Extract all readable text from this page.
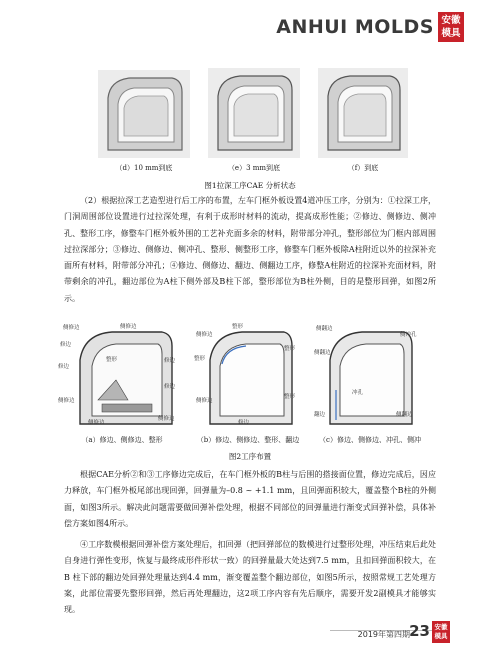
ANHUI MOLDS 安徽
模具
（d）10 mm到底	（e）3 mm到底	（f）到底
图1拉深工序CAE 分析状态

（2）根据拉深工艺造型进行后工序的布置，左车门框外板设置4道冲压工序，分别为：①拉深工序，门洞周围部位设置进行过拉深处理，有利于成形时材料的流动，提高成形性能；②修边、侧修边、侧冲孔、整形工序，修整车门框外板外围的工艺补充面多余的材料，附带部分冲孔，整形部位为门框内部周围过拉深部分；③修边、侧修边、侧冲孔、整形、侧整形工序，修整车门框外板除A柱附近以外的拉深补充面所有材料，附带部分冲孔；④修边、侧修边、翻边、侧翻边工序，修整A柱附近的拉深补充面材料，附带剩余的冲孔，翻边部位为A柱下侧外部及B柱下部，整形部位为B柱外侧，目的是整形回弹，如图2所示。

侧修边	侧修边
修边
修边
修边
整形
修边
侧修边
侧修边
侧修边
侧修边
整形
整形
整形
侧修边
整形
修边
侧翻边
侧冲孔
侧翻边
冲孔
翻边	侧翻边
（a）修边、侧修边、整形	（b）修边、侧修边、整形、翻边	（c）修边、侧修边、冲孔、侧冲
图2工序布置

根据CAE分析②和③工序修边完成后，在车门框外板的B柱与后围的搭接面位置，修边完成后，因应力释放，车门框外板尾部出现回弹，回弹量为–0.8 ~ +1.1 mm，且回弹面积较大，覆盖整个B柱的外侧面，如图3所示。解决此问题需要做回弹补偿处理，根据不同部位的回弹量进行渐变式回弹补偿，具体补偿方案如图4所示。

④工序数模根据回弹补偿方案处理后，扣回弹（把回弹部位的数模进行过整形处理，冲压结束后此处自身进行弹性变形，恢复与最终成形件形状一致）的回弹量最大处达到7.5 mm，且扣回弹面积较大，在B 柱下部的翻边处回弹处理量达到4.4 mm，渐变覆盖整个翻边部位，如图5所示，按照常规工艺处理方案，此部位需要先整形回弹，然后再处理翻边，这2项工序内容有先后顺序，需要开发2副模具才能够实现。

2019年第四期 23 安徽
模具
